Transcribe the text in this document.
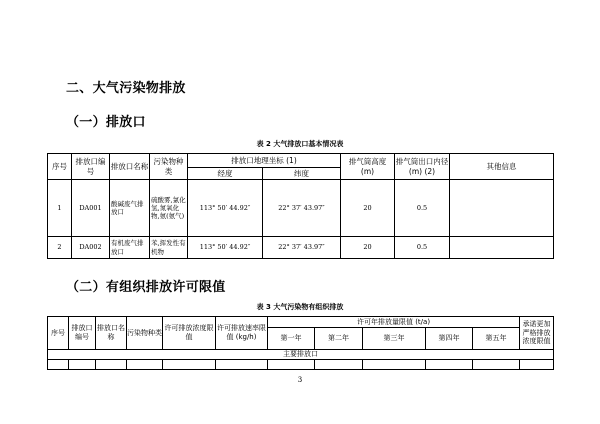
二、大气污染物排放
（一）排放口
表 2 大气排放口基本情况表
序号	排放口编号	排放口名称	污染物种类	排放口地理坐标 (1)		排气筒高度 (m)	排气筒出口内径 (m) (2)	其他信息
				经度	纬度			
1	DA001	酸碱废气排放口	硫酸雾,氯化氢,氮氧化物,氨(氨气)	113° 50′ 44.92″	22° 37′ 43.97″	20	0.5	
2	DA002	有机废气排放口	苯,挥发性有机物	113° 50′ 44.92″	22° 37′ 43.97″	20	0.5	
（二）有组织排放许可限值
表 3 大气污染物有组织排放
序号	排放口编号	排放口名称	污染物种类	许可排放浓度限值	许可排放速率限值 (kg/h)	许可年排放量限值 (t/a)					承诺更加严格排放浓度限值
						第一年	第二年	第三年	第四年	第五年	
主要排放口											

3
